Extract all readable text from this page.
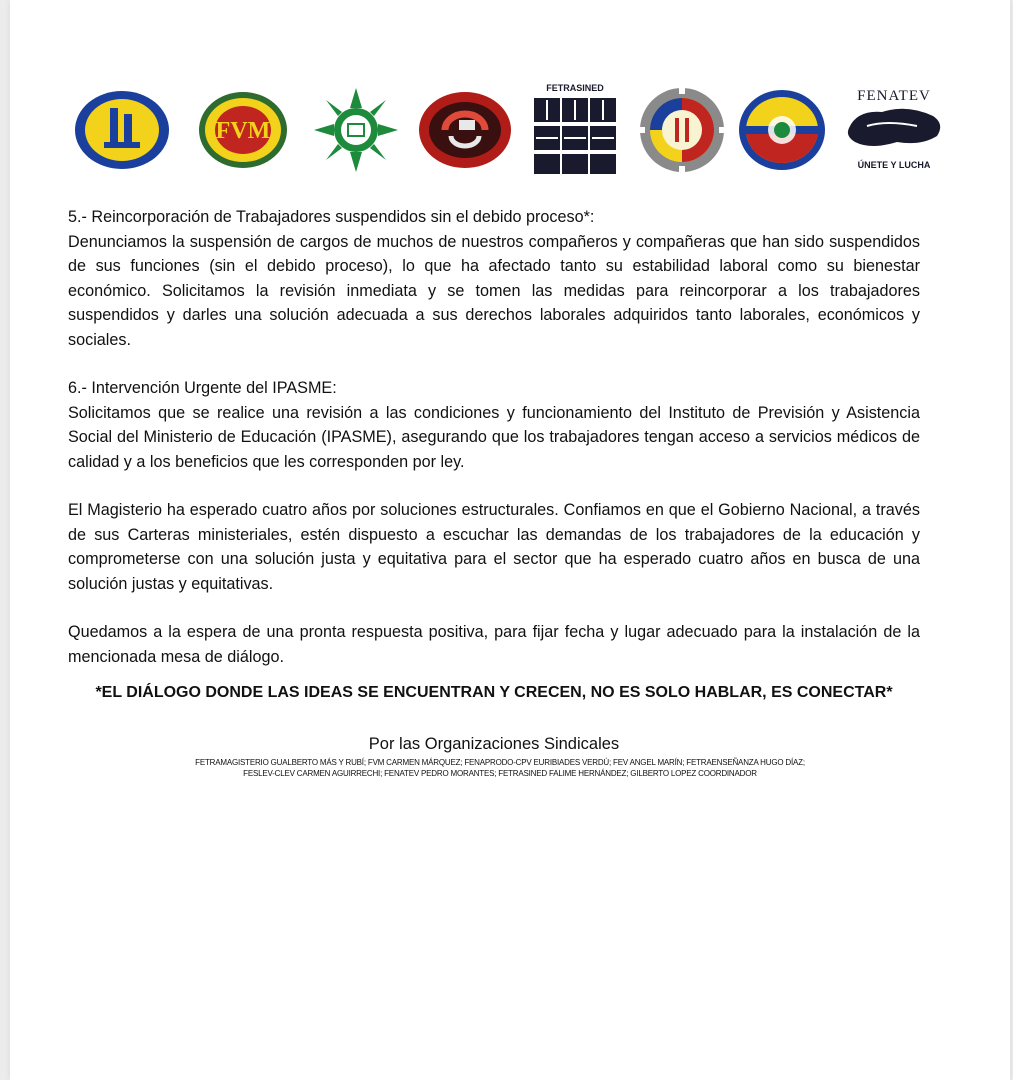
FVM
FETRASINED	FENATEV
ÚNETE Y LUCHA

5.- Reincorporación de Trabajadores suspendidos sin el debido proceso*:

Denunciamos la suspensión de cargos de muchos de nuestros compañeros y compañeras que han sido suspendidos de sus funciones (sin el debido proceso), lo que ha afectado tanto su estabilidad laboral como su bienestar económico. Solicitamos la revisión inmediata y se tomen las medidas para reincorporar a los trabajadores suspendidos y darles una solución adecuada a sus derechos laborales adquiridos tanto laborales, económicos y sociales.

6.- Intervención Urgente del IPASME:

Solicitamos que se realice una revisión a las condiciones y funcionamiento del Instituto de Previsión y Asistencia Social del Ministerio de Educación (IPASME), asegurando que los trabajadores tengan acceso a servicios médicos de calidad y a los beneficios que les corresponden por ley.

El Magisterio ha esperado cuatro años por soluciones estructurales. Confiamos en que el Gobierno Nacional, a través de sus Carteras ministeriales, estén dispuesto a escuchar las demandas de los trabajadores de la educación y comprometerse con una solución justa y equitativa para el sector que ha esperado cuatro años en busca de una solución justas y equitativas.

Quedamos a la espera de una pronta respuesta positiva, para fijar fecha y lugar adecuado para la instalación de la mencionada mesa de diálogo.

*EL DIÁLOGO DONDE LAS IDEAS SE ENCUENTRAN Y CRECEN, NO ES SOLO HABLAR, ES CONECTAR*
Por las Organizaciones Sindicales
FETRAMAGISTERIO GUALBERTO MÁS Y RUBÍ; FVM CARMEN MÁRQUEZ; FENAPRODO-CPV EURIBIADES VERDÚ; FEV ANGEL MARÍN; FETRAENSEÑANZA HUGO DÍAZ;
FESLEV-CLEV CARMEN AGUIRRECHI; FENATEV PEDRO MORANTES; FETRASINED FALIME HERNÁNDEZ; GILBERTO LOPEZ COORDINADOR
